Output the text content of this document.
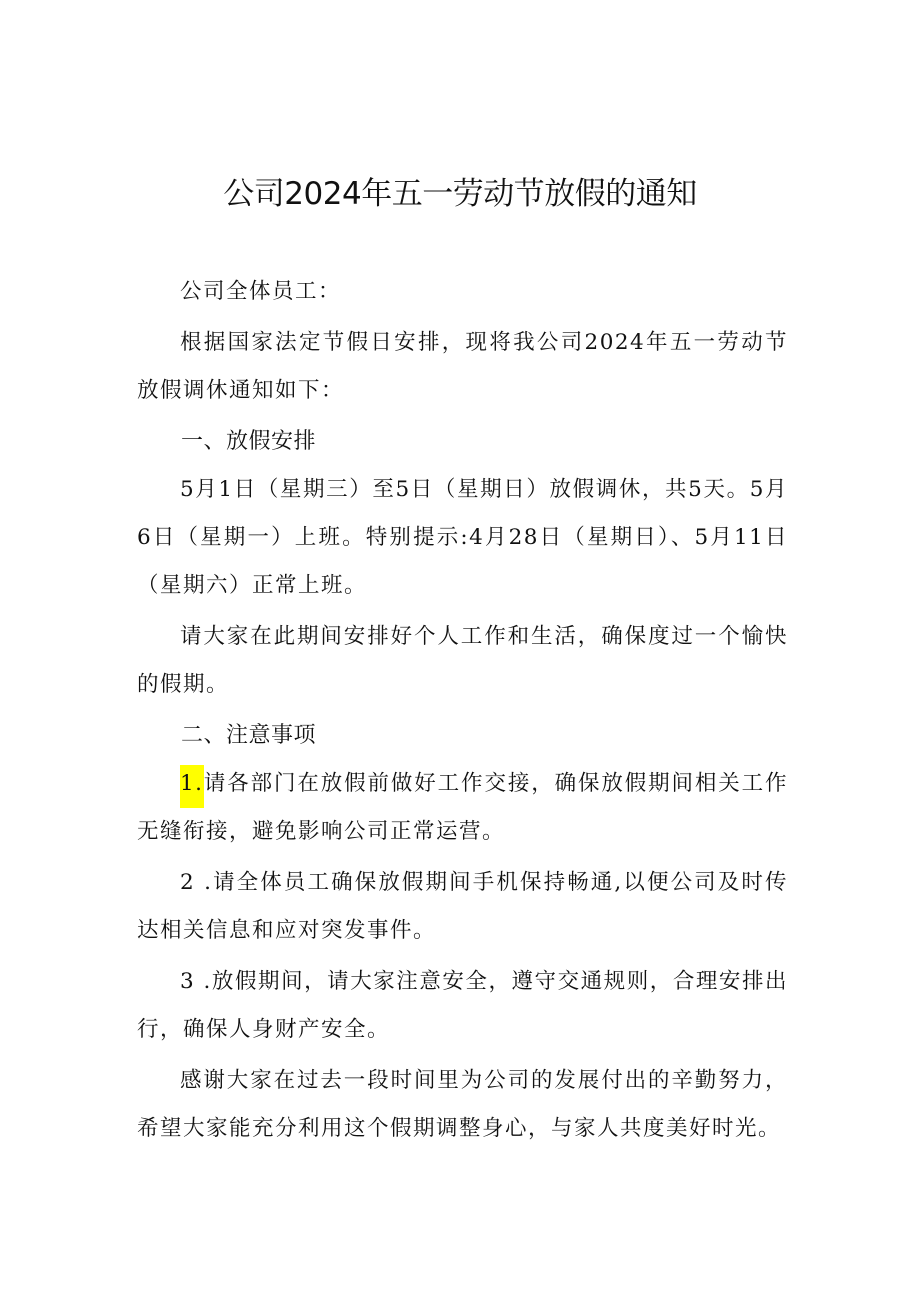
公司2024年五一劳动节放假的通知

公司全体员工：

根据国家法定节假日安排，现将我公司2024年五一劳动节放假调休通知如下：

一、放假安排

5月1日（星期三）至5日（星期日）放假调休，共5天。5月6日（星期一）上班。特别提示:4月28日（星期日）、5月11日（星期六）正常上班。

请大家在此期间安排好个人工作和生活，确保度过一个愉快的假期。

二、注意事项

1.请各部门在放假前做好工作交接，确保放假期间相关工作无缝衔接，避免影响公司正常运营。

2 .请全体员工确保放假期间手机保持畅通,以便公司及时传达相关信息和应对突发事件。

3 .放假期间，请大家注意安全，遵守交通规则，合理安排出行，确保人身财产安全。

感谢大家在过去一段时间里为公司的发展付出的辛勤努力，希望大家能充分利用这个假期调整身心，与家人共度美好时光。
